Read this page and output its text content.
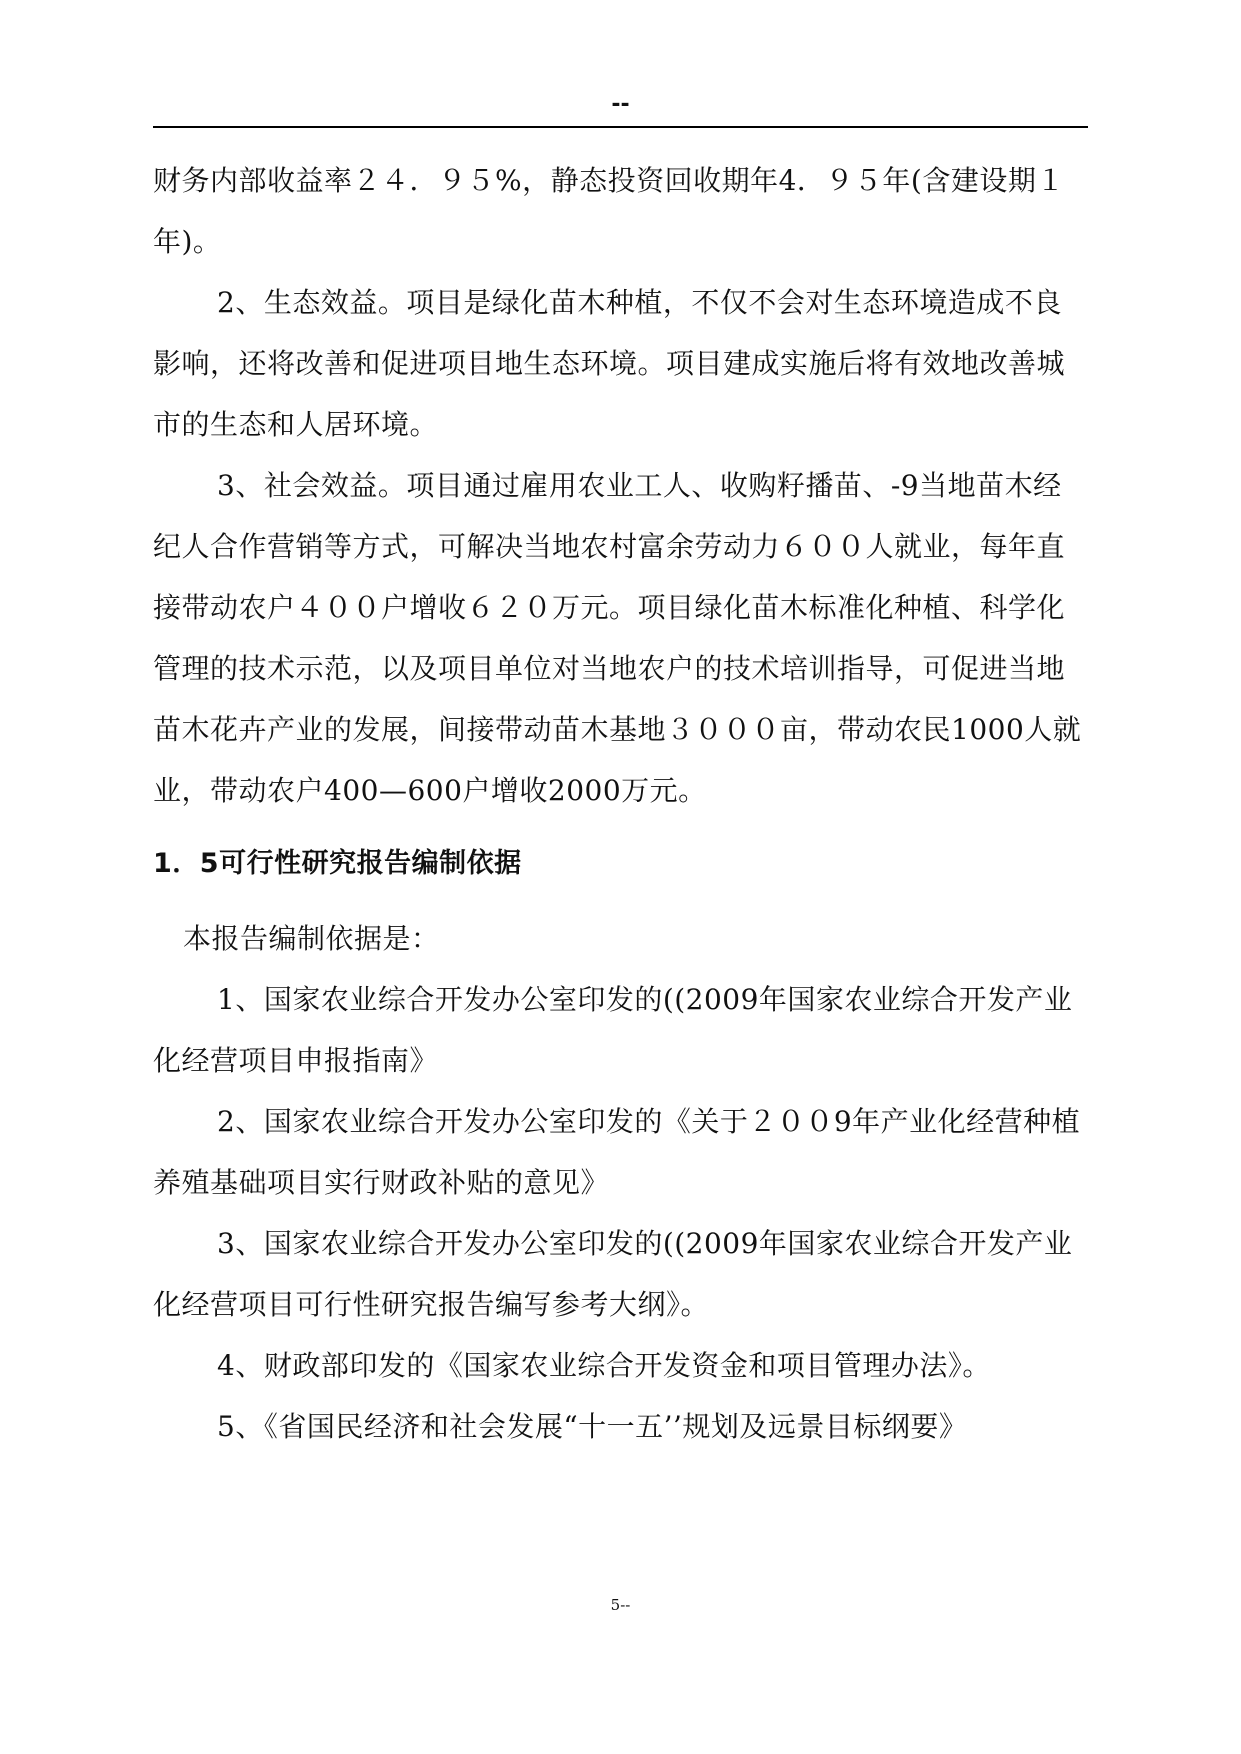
--

财务内部收益率２４．９５%，静态投资回收期年4．９５年(含建设期１年)。

2、生态效益。项目是绿化苗木种植，不仅不会对生态环境造成不良影响，还将改善和促进项目地生态环境。项目建成实施后将有效地改善城市的生态和人居环境。

3、社会效益。项目通过雇用农业工人、收购籽播苗、-9当地苗木经纪人合作营销等方式，可解决当地农村富余劳动力６００人就业，每年直接带动农户４００户增收６２０万元。项目绿化苗木标准化种植、科学化管理的技术示范，以及项目单位对当地农户的技术培训指导，可促进当地苗木花卉产业的发展，间接带动苗木基地３０００亩，带动农民1000人就业，带动农户400—600户增收2000万元。

1．5可行性研究报告编制依据

本报告编制依据是：

1、国家农业综合开发办公室印发的((2009年国家农业综合开发产业化经营项目申报指南》

2、国家农业综合开发办公室印发的《关于２００9年产业化经营种植养殖基础项目实行财政补贴的意见》

3、国家农业综合开发办公室印发的((2009年国家农业综合开发产业化经营项目可行性研究报告编写参考大纲》。

4、财政部印发的《国家农业综合开发资金和项目管理办法》。

5、《省国民经济和社会发展“十一五’’规划及远景目标纲要》

5--
